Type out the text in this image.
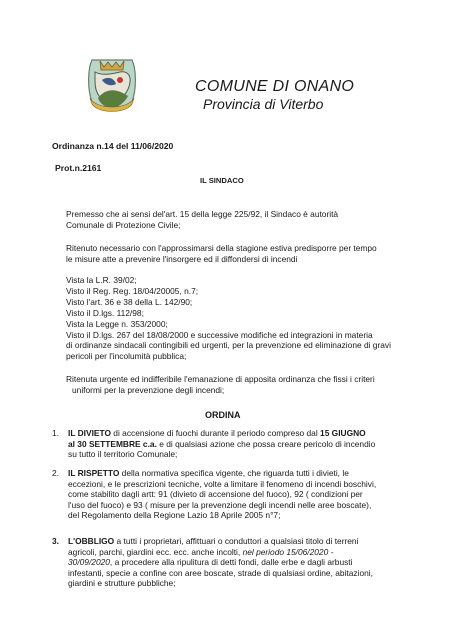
COMUNE DI ONANO
Provincia di Viterbo
Ordinanza n.14 del 11/06/2020
Prot.n.2161
IL SINDACO
Premesso che ai sensi del'art. 15 della legge 225/92, il Sindaco è autorità
Comunale di Protezione Civile;
Ritenuto necessario con l'approssimarsi della stagione estiva predisporre per tempo
le misure atte a prevenire l'insorgere ed il diffondersi di incendi
Vista la L.R. 39/02;
Visto il Reg. Reg. 18/04/20005, n.7;
Visto l'art. 36 e 38 della L. 142/90;
Visto il D.lgs. 112/98;
Vista la Legge n. 353/2000;
Visto il D.lgs. 267 del 18/08/2000 e successive modifiche ed integrazioni in materia
di ordinanze sindacali contingibili ed urgenti, per la prevenzione ed eliminazione di gravi
pericoli per l'incolumità pubblica;
Ritenuta urgente ed indifferibile l'emanazione di apposita ordinanza che fissi i criteri
uniformi per la prevenzione degli incendi;
ORDINA
1. IL DIVIETO di accensione di fuochi durante il periodo compreso dal 15 GIUGNO
al 30 SETTEMBRE c.a. e di qualsiasi azione che possa creare pericolo di incendio
su tutto il territorio Comunale;
2. IL RISPETTO della normativa specifica vigente, che riguarda tutti i divieti, le
eccezioni, e le prescrizioni tecniche, volte a limitare il fenomeno di incendi boschivi,
come stabilito dagli artt: 91 (divieto di accensione del fuoco), 92 ( condizioni per
l'uso del fuoco) e 93 ( misure per la prevenzione degli incendi nelle aree boscate),
del Regolamento della Regione Lazio 18 Aprile 2005 n°7;
3. L'OBBLIGO a tutti i proprietari, affittuari o conduttori a qualsiasi titolo di terreni
agricoli, parchi, giardini ecc. ecc. anche incolti, nel periodo 15/06/2020 -
30/09/2020, a procedere alla ripulitura di detti fondi, dalle erbe e dagli arbusti
infestanti, specie a confine con aree boscate, strade di qualsiasi ordine, abitazioni,
giardini e strutture pubbliche;
